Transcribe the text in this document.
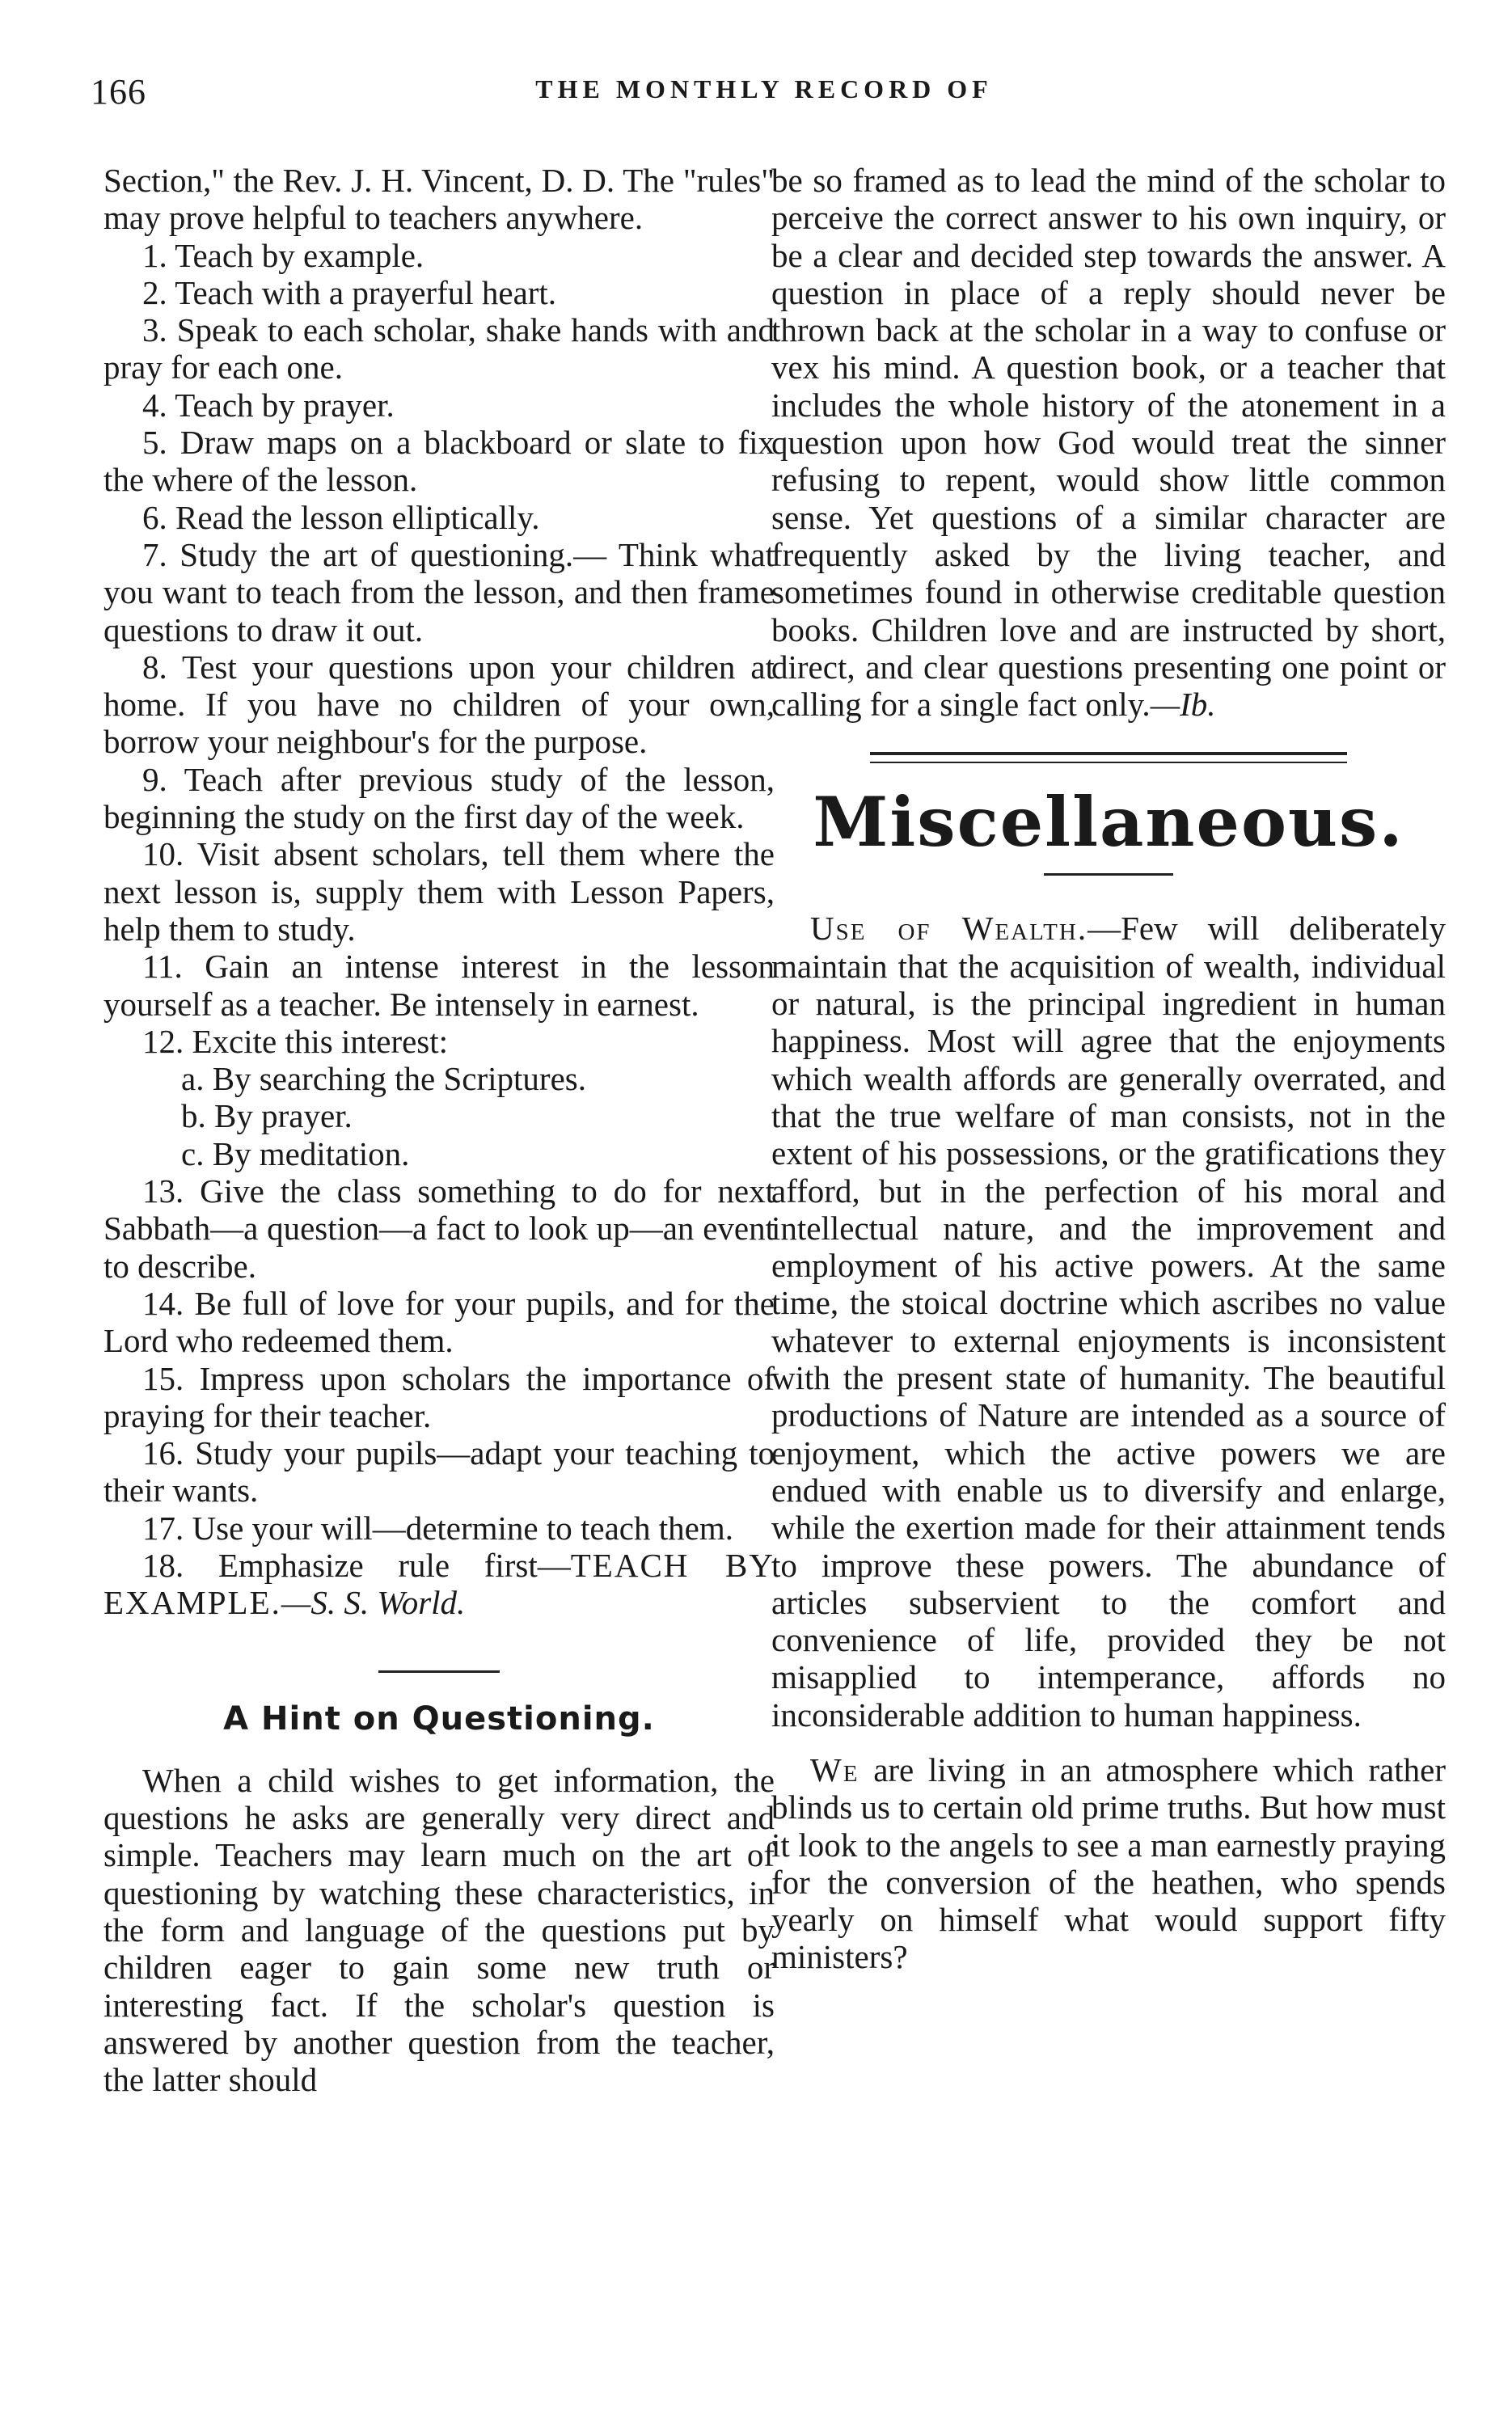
166	THE MONTHLY RECORD OF

Section," the Rev. J. H. Vincent, D. D. The "rules" may prove helpful to teachers anywhere.

1. Teach by example.

2. Teach with a prayerful heart.

3. Speak to each scholar, shake hands with and pray for each one.

4. Teach by prayer.

5. Draw maps on a blackboard or slate to fix the where of the lesson.

6. Read the lesson elliptically.

7. Study the art of questioning.— Think what you want to teach from the lesson, and then frame questions to draw it out.

8. Test your questions upon your children at home. If you have no children of your own, borrow your neighbour's for the purpose.

9. Teach after previous study of the lesson, beginning the study on the first day of the week.

10. Visit absent scholars, tell them where the next lesson is, supply them with Lesson Papers, help them to study.

11. Gain an intense interest in the lesson yourself as a teacher. Be intensely in earnest.

12. Excite this interest:

a. By searching the Scriptures.

b. By prayer.

c. By meditation.

13. Give the class something to do for next Sabbath—a question—a fact to look up—an event to describe.

14. Be full of love for your pupils, and for the Lord who redeemed them.

15. Impress upon scholars the importance of praying for their teacher.

16. Study your pupils—adapt your teaching to their wants.

17. Use your will—determine to teach them.

18. Emphasize rule first—TEACH BY EXAMPLE.—S. S. World.

A Hint on Questioning.

When a child wishes to get information, the questions he asks are generally very direct and simple. Teachers may learn much on the art of questioning by watching these characteristics, in the form and language of the questions put by children eager to gain some new truth or interesting fact. If the scholar's question is answered by another question from the teacher, the latter should

be so framed as to lead the mind of the scholar to perceive the correct answer to his own inquiry, or be a clear and decided step towards the answer. A question in place of a reply should never be thrown back at the scholar in a way to confuse or vex his mind. A question book, or a teacher that includes the whole history of the atonement in a question upon how God would treat the sinner refusing to repent, would show little common sense. Yet questions of a similar character are frequently asked by the living teacher, and sometimes found in otherwise creditable question books. Children love and are instructed by short, direct, and clear questions presenting one point or calling for a single fact only.—Ib.

Miscellaneous.

Use of Wealth.—Few will deliberately maintain that the acquisition of wealth, individual or natural, is the principal ingredient in human happiness. Most will agree that the enjoyments which wealth affords are generally overrated, and that the true welfare of man consists, not in the extent of his possessions, or the gratifications they afford, but in the perfection of his moral and intellectual nature, and the improvement and employment of his active powers. At the same time, the stoical doctrine which ascribes no value whatever to external enjoyments is inconsistent with the present state of humanity. The beautiful productions of Nature are intended as a source of enjoyment, which the active powers we are endued with enable us to diversify and enlarge, while the exertion made for their attainment tends to improve these powers. The abundance of articles subservient to the comfort and convenience of life, provided they be not misapplied to intemperance, affords no inconsiderable addition to human happiness.

We are living in an atmosphere which rather blinds us to certain old prime truths. But how must it look to the angels to see a man earnestly praying for the conversion of the heathen, who spends yearly on himself what would support fifty ministers?
